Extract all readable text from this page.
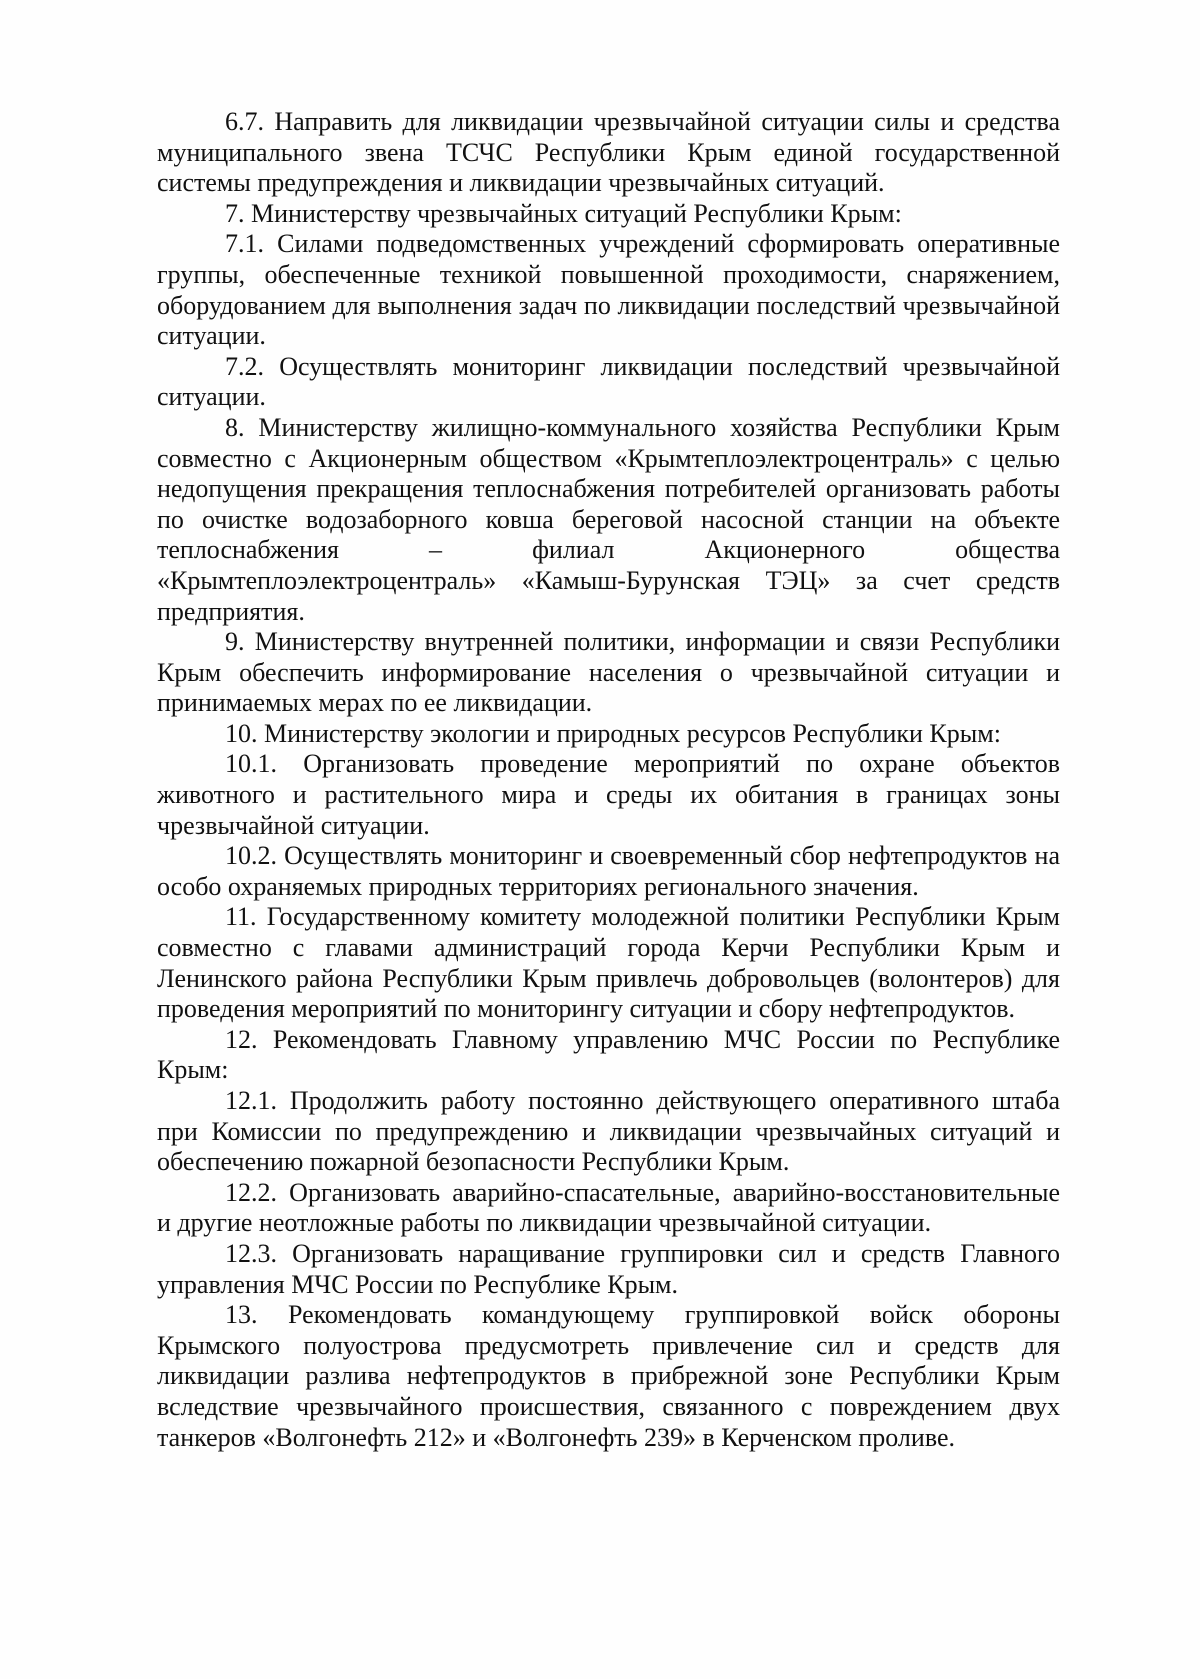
6.7. Направить для ликвидации чрезвычайной ситуации силы и средства муниципального звена ТСЧС Республики Крым единой государственной системы предупреждения и ликвидации чрезвычайных ситуаций.

7. Министерству чрезвычайных ситуаций Республики Крым:

7.1. Силами подведомственных учреждений сформировать оперативные группы, обеспеченные техникой повышенной проходимости, снаряжением, оборудованием для выполнения задач по ликвидации последствий чрезвычайной ситуации.

7.2. Осуществлять мониторинг ликвидации последствий чрезвычайной ситуации.

8. Министерству жилищно-коммунального хозяйства Республики Крым совместно с Акционерным обществом «Крымтеплоэлектроцентраль» с целью недопущения прекращения теплоснабжения потребителей организовать работы по очистке водозаборного ковша береговой насосной станции на объекте теплоснабжения – филиал Акционерного общества «Крымтеплоэлектроцентраль» «Камыш-Бурунская ТЭЦ» за счет средств предприятия.

9. Министерству внутренней политики, информации и связи Республики Крым обеспечить информирование населения о чрезвычайной ситуации и принимаемых мерах по ее ликвидации.

10. Министерству экологии и природных ресурсов Республики Крым:

10.1. Организовать проведение мероприятий по охране объектов животного и растительного мира и среды их обитания в границах зоны чрезвычайной ситуации.

10.2. Осуществлять мониторинг и своевременный сбор нефтепродуктов на особо охраняемых природных территориях регионального значения.

11. Государственному комитету молодежной политики Республики Крым совместно с главами администраций города Керчи Республики Крым и Ленинского района Республики Крым привлечь добровольцев (волонтеров) для проведения мероприятий по мониторингу ситуации и сбору нефтепродуктов.

12. Рекомендовать Главному управлению МЧС России по Республике Крым:

12.1. Продолжить работу постоянно действующего оперативного штаба при Комиссии по предупреждению и ликвидации чрезвычайных ситуаций и обеспечению пожарной безопасности Республики Крым.

12.2. Организовать аварийно-спасательные, аварийно-восстановительные и другие неотложные работы по ликвидации чрезвычайной ситуации.

12.3. Организовать наращивание группировки сил и средств Главного управления МЧС России по Республике Крым.

13. Рекомендовать командующему группировкой войск обороны Крымского полуострова предусмотреть привлечение сил и средств для ликвидации разлива нефтепродуктов в прибрежной зоне Республики Крым вследствие чрезвычайного происшествия, связанного с повреждением двух танкеров «Волгонефть 212» и «Волгонефть 239» в Керченском проливе.
